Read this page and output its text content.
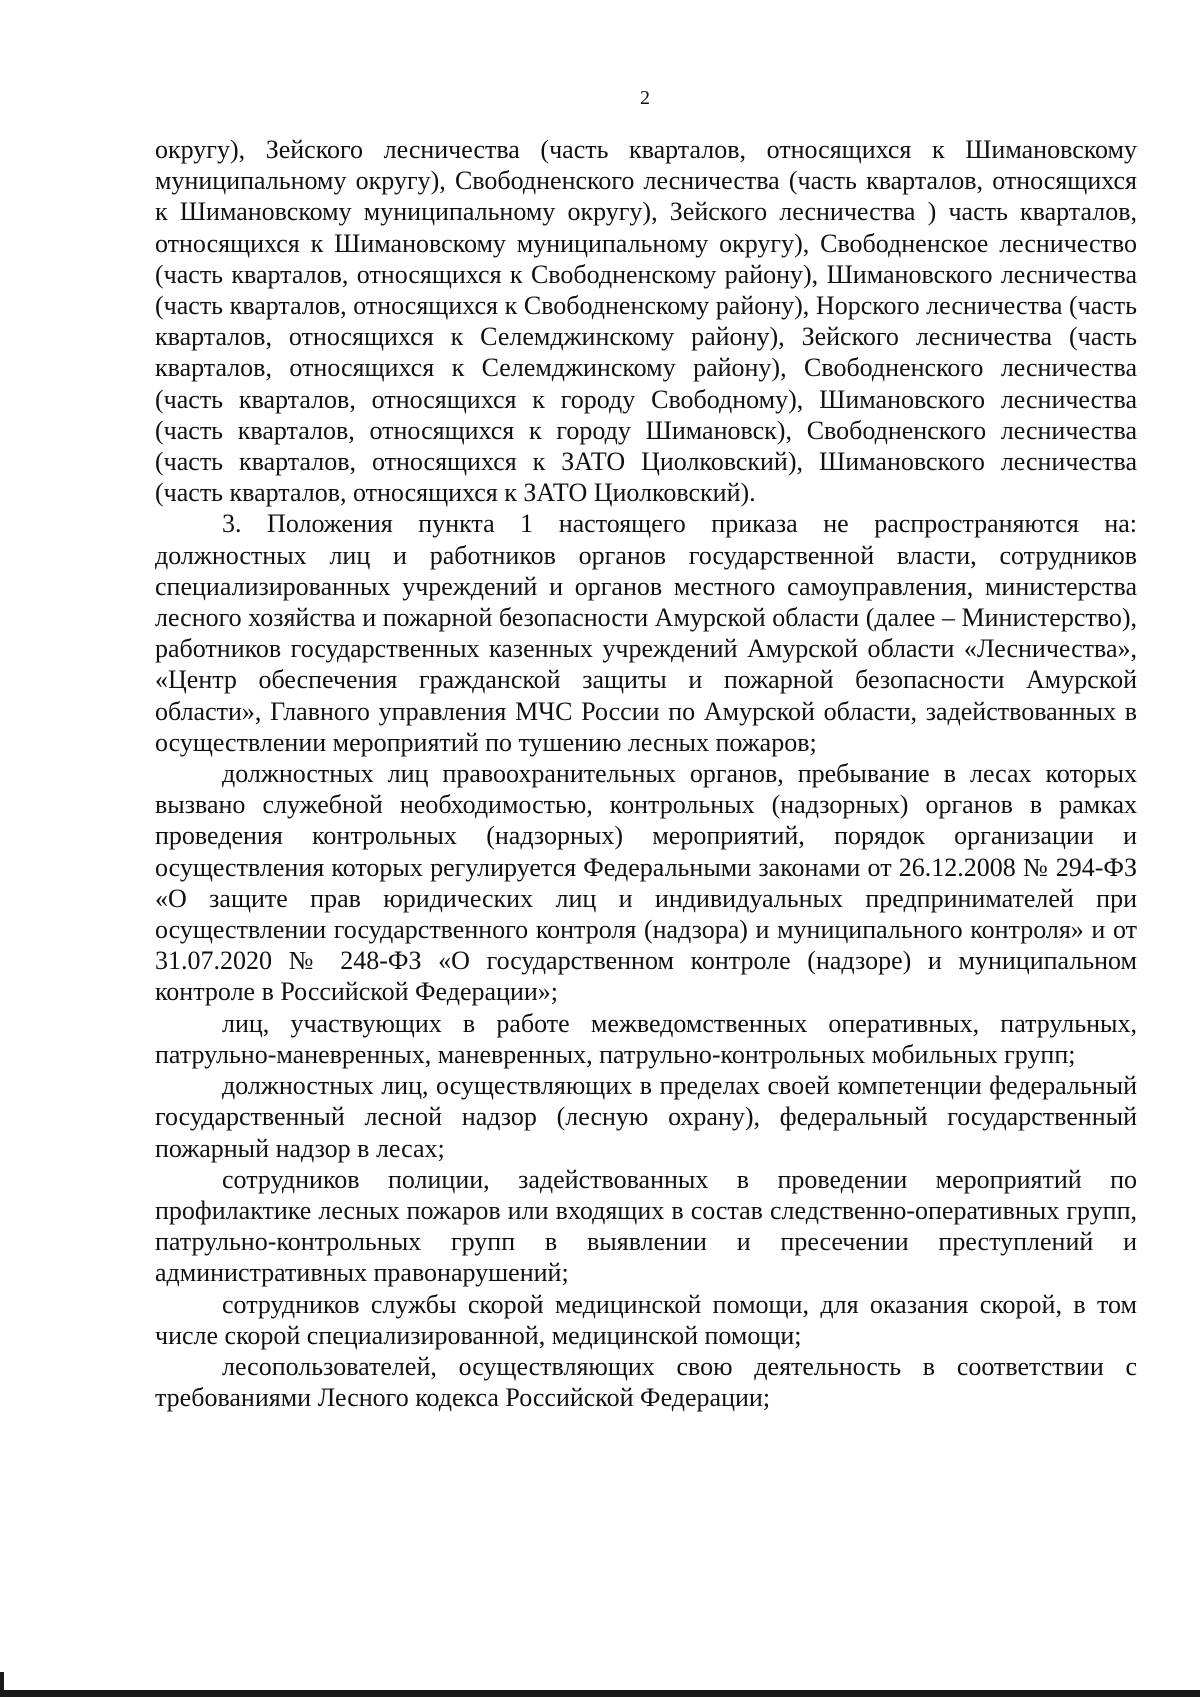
2

округу), Зейского лесничества (часть кварталов, относящихся к Шимановскому муниципальному округу), Свободненского лесничества (часть кварталов, относящихся к Шимановскому муниципальному округу), Зейского лесничества ) часть кварталов, относящихся к Шимановскому муниципальному округу), Свободненское лесничество (часть кварталов, относящихся к Свободненскому району), Шимановского лесничества (часть кварталов, относящихся к Свободненскому району), Норского лесничества (часть кварталов, относящихся к Селемджинскому району), Зейского лесничества (часть кварталов, относящихся к Селемджинскому району), Свободненского лесничества (часть кварталов, относящихся к городу Свободному), Шимановского лесничества (часть кварталов, относящихся к городу Шимановск), Свободненского лесничества (часть кварталов, относящихся к ЗАТО Циолковский), Шимановского лесничества (часть кварталов, относящихся к ЗАТО Циолковский).

3. Положения пункта 1 настоящего приказа не распространяются на: должностных лиц и работников органов государственной власти, сотрудников специализированных учреждений и органов местного самоуправления, министерства лесного хозяйства и пожарной безопасности Амурской области (далее – Министерство), работников государственных казенных учреждений Амурской области «Лесничества», «Центр обеспечения гражданской защиты и пожарной безопасности Амурской области», Главного управления МЧС России по Амурской области, задействованных в осуществлении мероприятий по тушению лесных пожаров;

должностных лиц правоохранительных органов, пребывание в лесах которых вызвано служебной необходимостью, контрольных (надзорных) органов в рамках проведения контрольных (надзорных) мероприятий, порядок организации и осуществления которых регулируется Федеральными законами от 26.12.2008 № 294-ФЗ «О защите прав юридических лиц и индивидуальных предпринимателей при осуществлении государственного контроля (надзора) и муниципального контроля» и от 31.07.2020 № 248-ФЗ «О государственном контроле (надзоре) и муниципальном контроле в Российской Федерации»;

лиц, участвующих в работе межведомственных оперативных, патрульных, патрульно-маневренных, маневренных, патрульно-контрольных мобильных групп;

должностных лиц, осуществляющих в пределах своей компетенции федеральный государственный лесной надзор (лесную охрану), федеральный государственный пожарный надзор в лесах;

сотрудников полиции, задействованных в проведении мероприятий по профилактике лесных пожаров или входящих в состав следственно-оперативных групп, патрульно-контрольных групп в выявлении и пресечении преступлений и административных правонарушений;

сотрудников службы скорой медицинской помощи, для оказания скорой, в том числе скорой специализированной, медицинской помощи;

лесопользователей, осуществляющих свою деятельность в соответствии с требованиями Лесного кодекса Российской Федерации;
